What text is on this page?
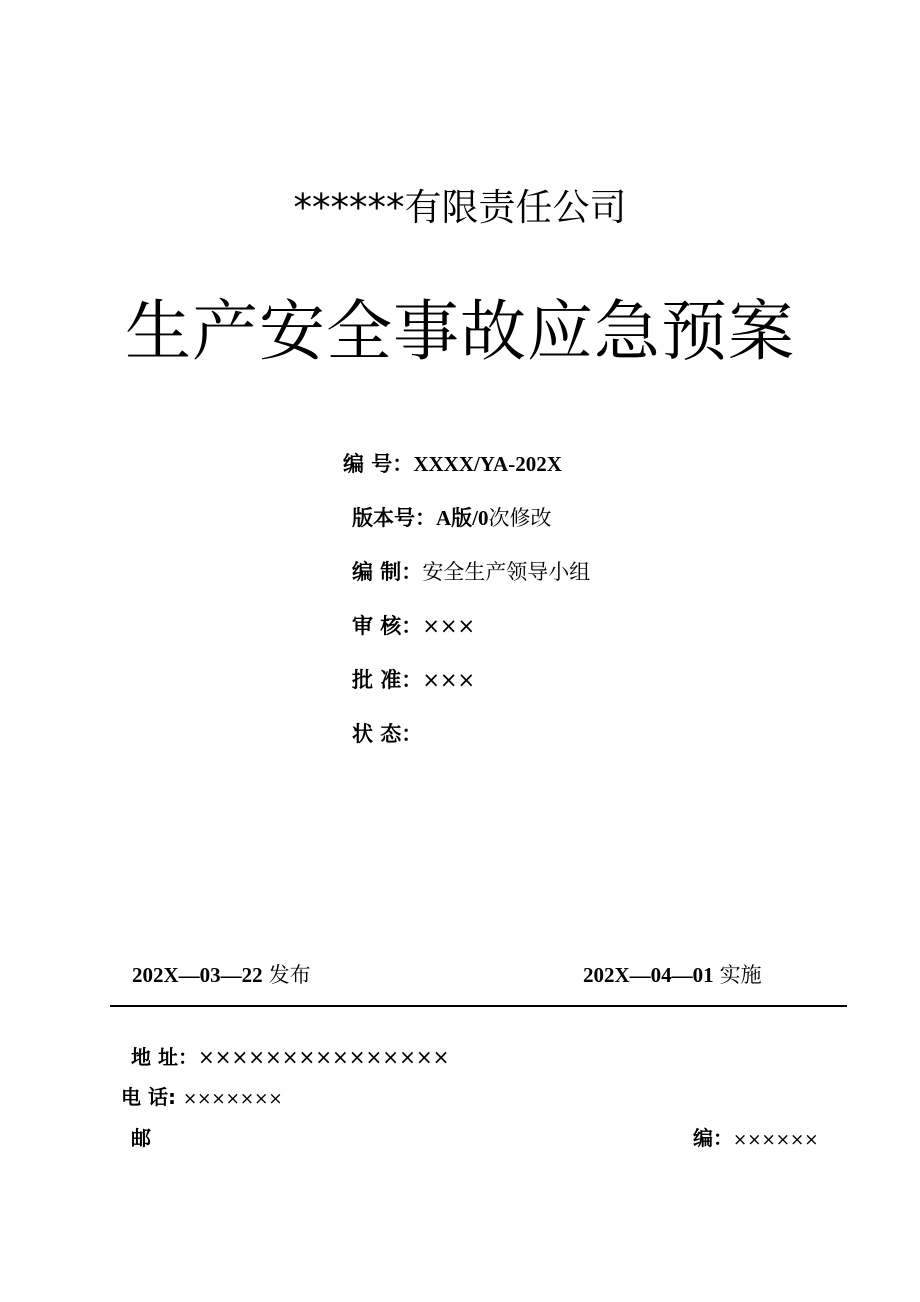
******有限责任公司
生产安全事故应急预案
编 号：XXXX/YA-202X
版本号：A版/0次修改
编 制：安全生产领导小组
审 核：×××
批 准：×××
状 态：
202X—03—22 发布	202X—04—01 实施
地 址：×××××××××××××××
电 话: ×××××××
邮	编：××××××
